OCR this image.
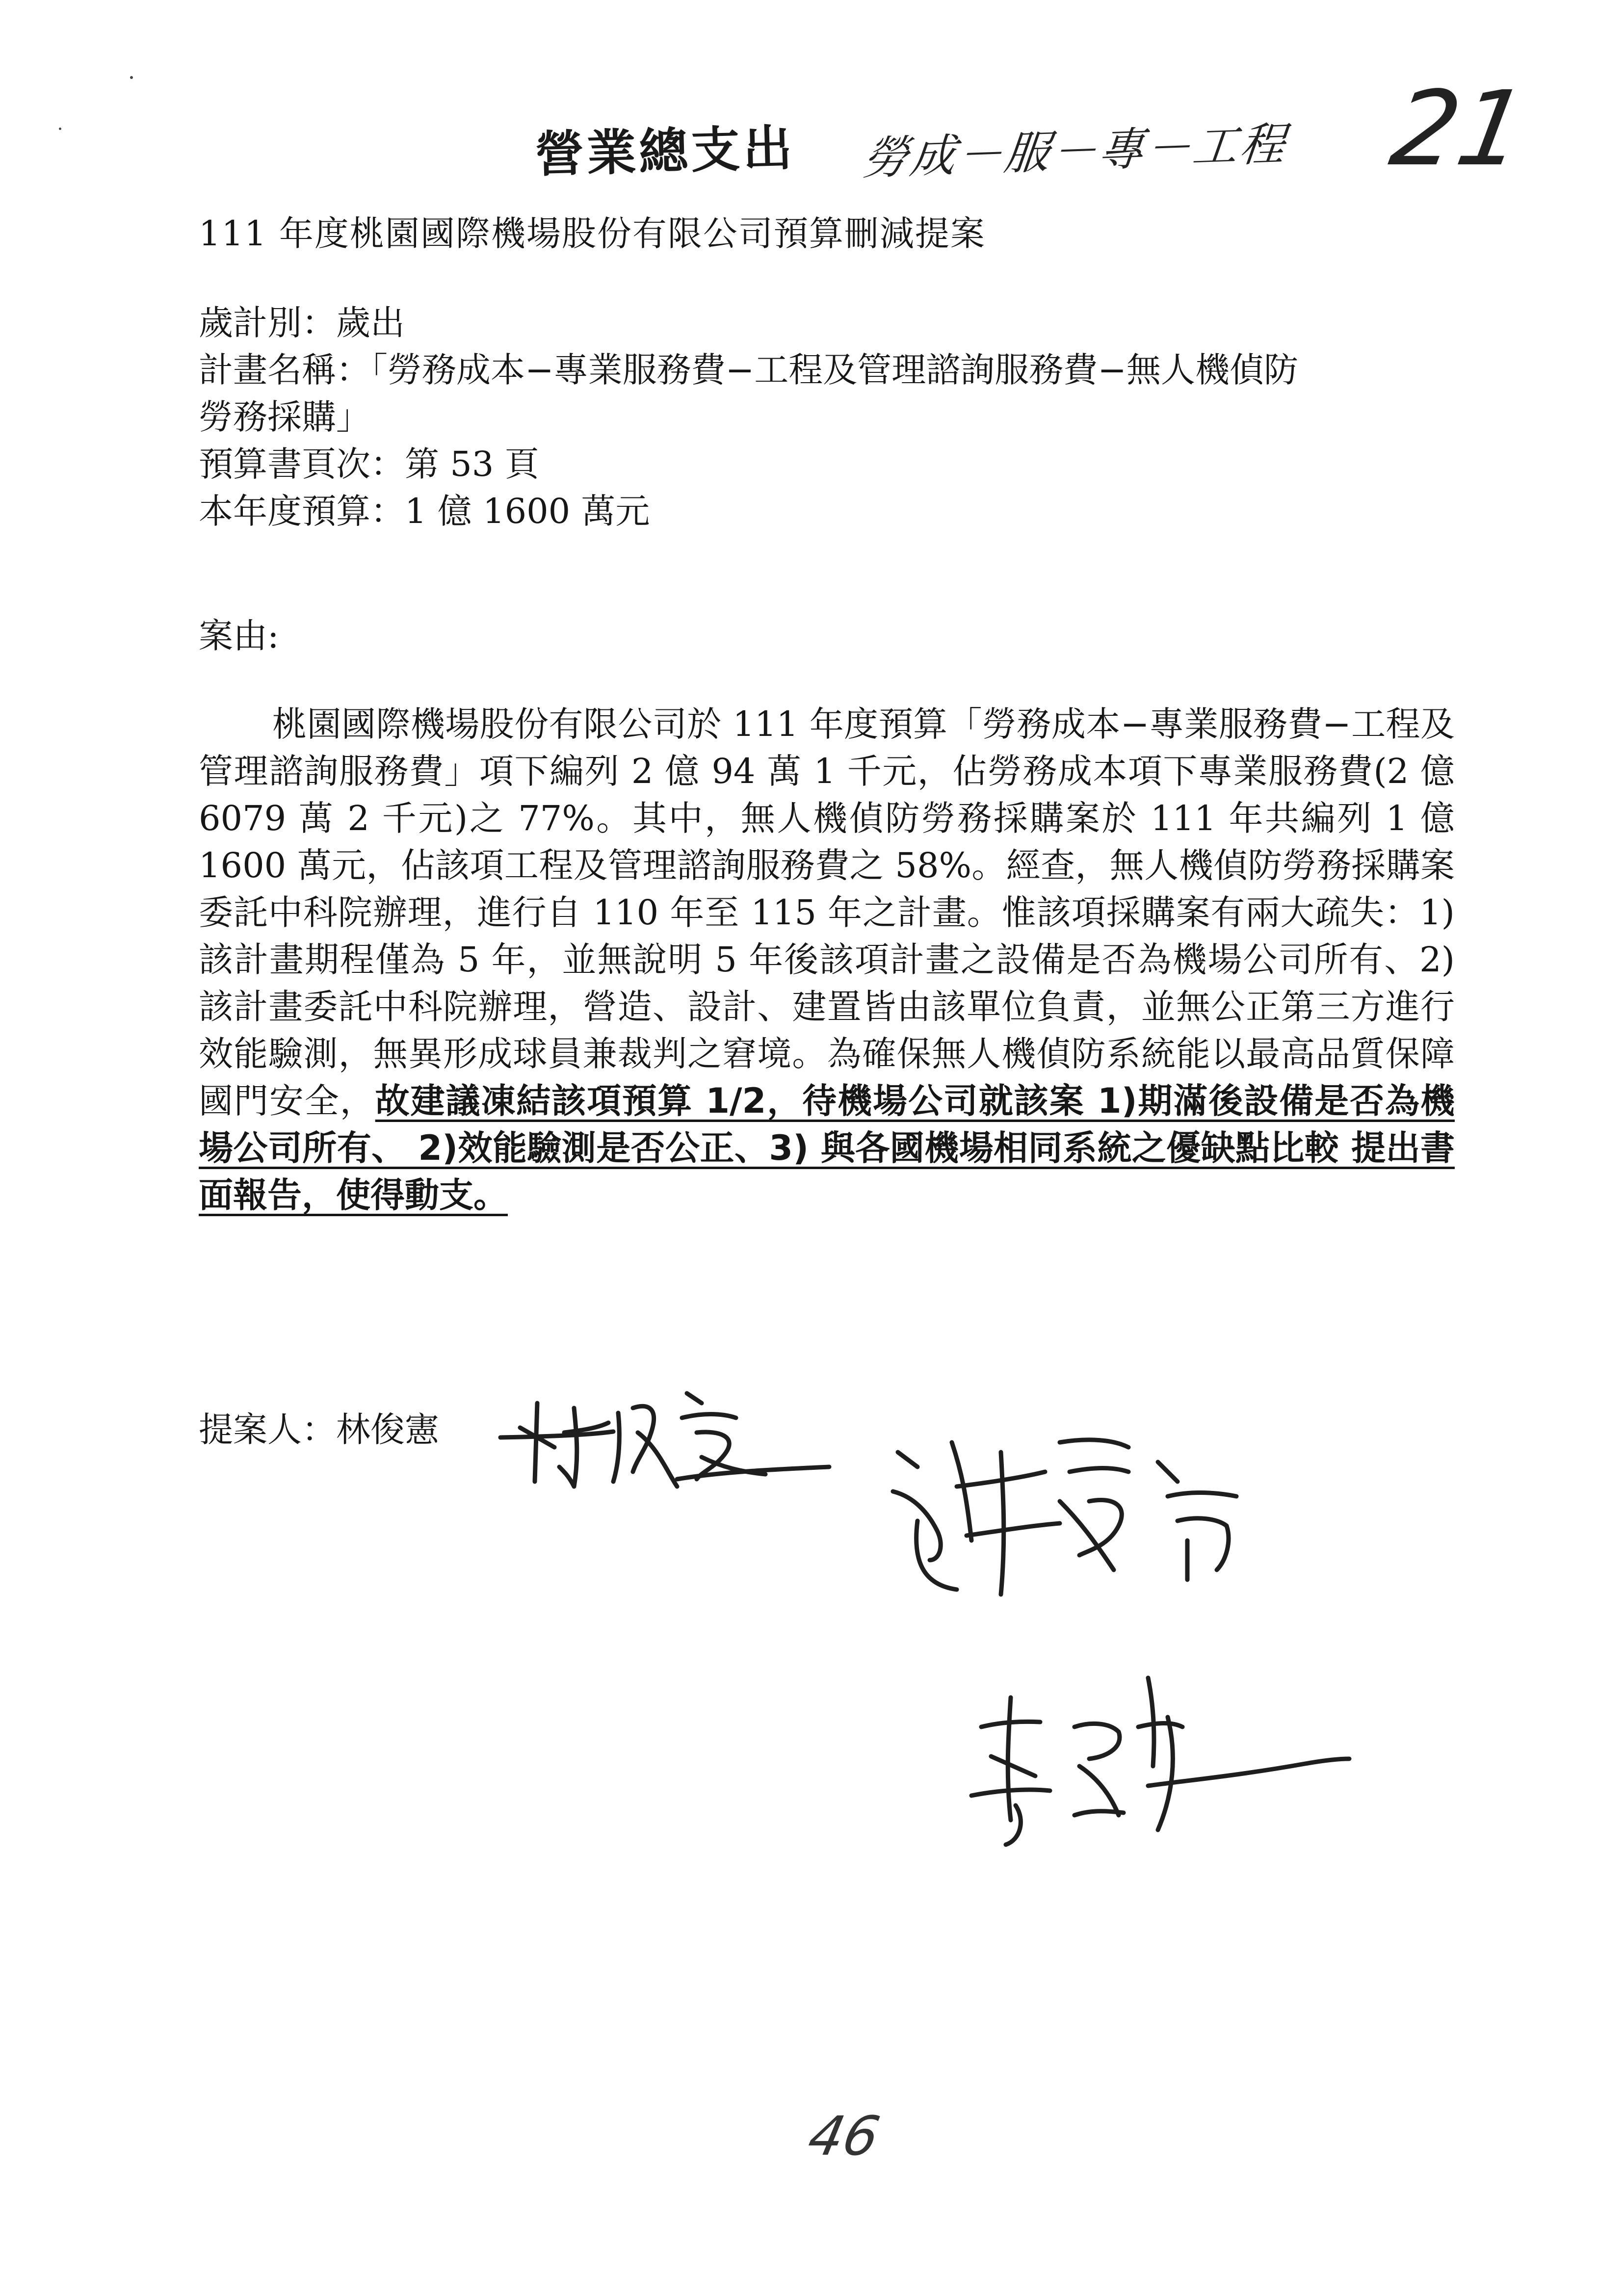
營業總支出 勞成－服－專－工程 21
111 年度桃園國際機場股份有限公司預算刪減提案

歲計別：歲出

計畫名稱：「勞務成本−專業服務費−工程及管理諮詢服務費−無人機偵防

勞務採購」

預算書頁次：第 53 頁

本年度預算：1 億 1600 萬元

案由:

桃園國際機場股份有限公司於 111 年度預算「勞務成本−專業服務費−工程及管理諮詢服務費」項下編列 2 億 94 萬 1 千元，佔勞務成本項下專業服務費(2 億 6079 萬 2 千元)之 77%。其中，無人機偵防勞務採購案於 111 年共編列 1 億 1600 萬元，佔該項工程及管理諮詢服務費之 58%。經查，無人機偵防勞務採購案委託中科院辦理，進行自 110 年至 115 年之計畫。惟該項採購案有兩大疏失：1) 該計畫期程僅為 5 年，並無說明 5 年後該項計畫之設備是否為機場公司所有、2) 該計畫委託中科院辦理，營造、設計、建置皆由該單位負責，並無公正第三方進行效能驗測，無異形成球員兼裁判之窘境。為確保無人機偵防系統能以最高品質保障國門安全，故建議凍結該項預算 1/2，待機場公司就該案 1)期滿後設備是否為機場公司所有、 2)效能驗測是否公正、3) 與各國機場相同系統之優缺點比較 提出書面報告，使得動支。

提案人：林俊憲
46
